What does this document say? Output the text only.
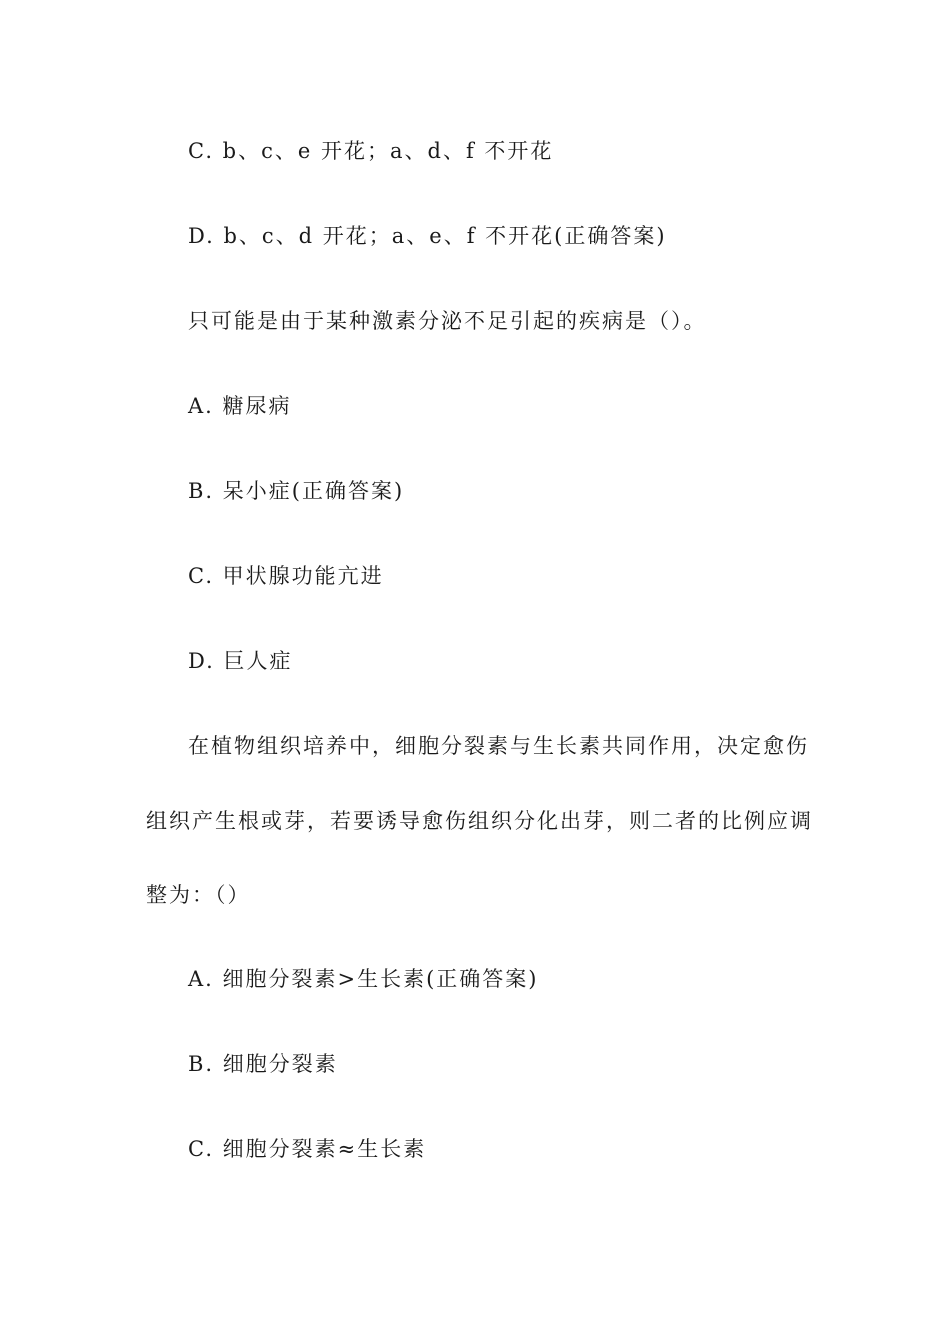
C. b、c、e 开花；a、d、f 不开花
D. b、c、d 开花；a、e、f 不开花(正确答案)
只可能是由于某种激素分泌不足引起的疾病是（）。
A. 糖尿病
B. 呆小症(正确答案)
C. 甲状腺功能亢进
D. 巨人症
在植物组织培养中，细胞分裂素与生长素共同作用，决定愈伤
组织产生根或芽，若要诱导愈伤组织分化出芽，则二者的比例应调
整为：（）
A. 细胞分裂素>生长素(正确答案)
B. 细胞分裂素
C. 细胞分裂素≈生长素
